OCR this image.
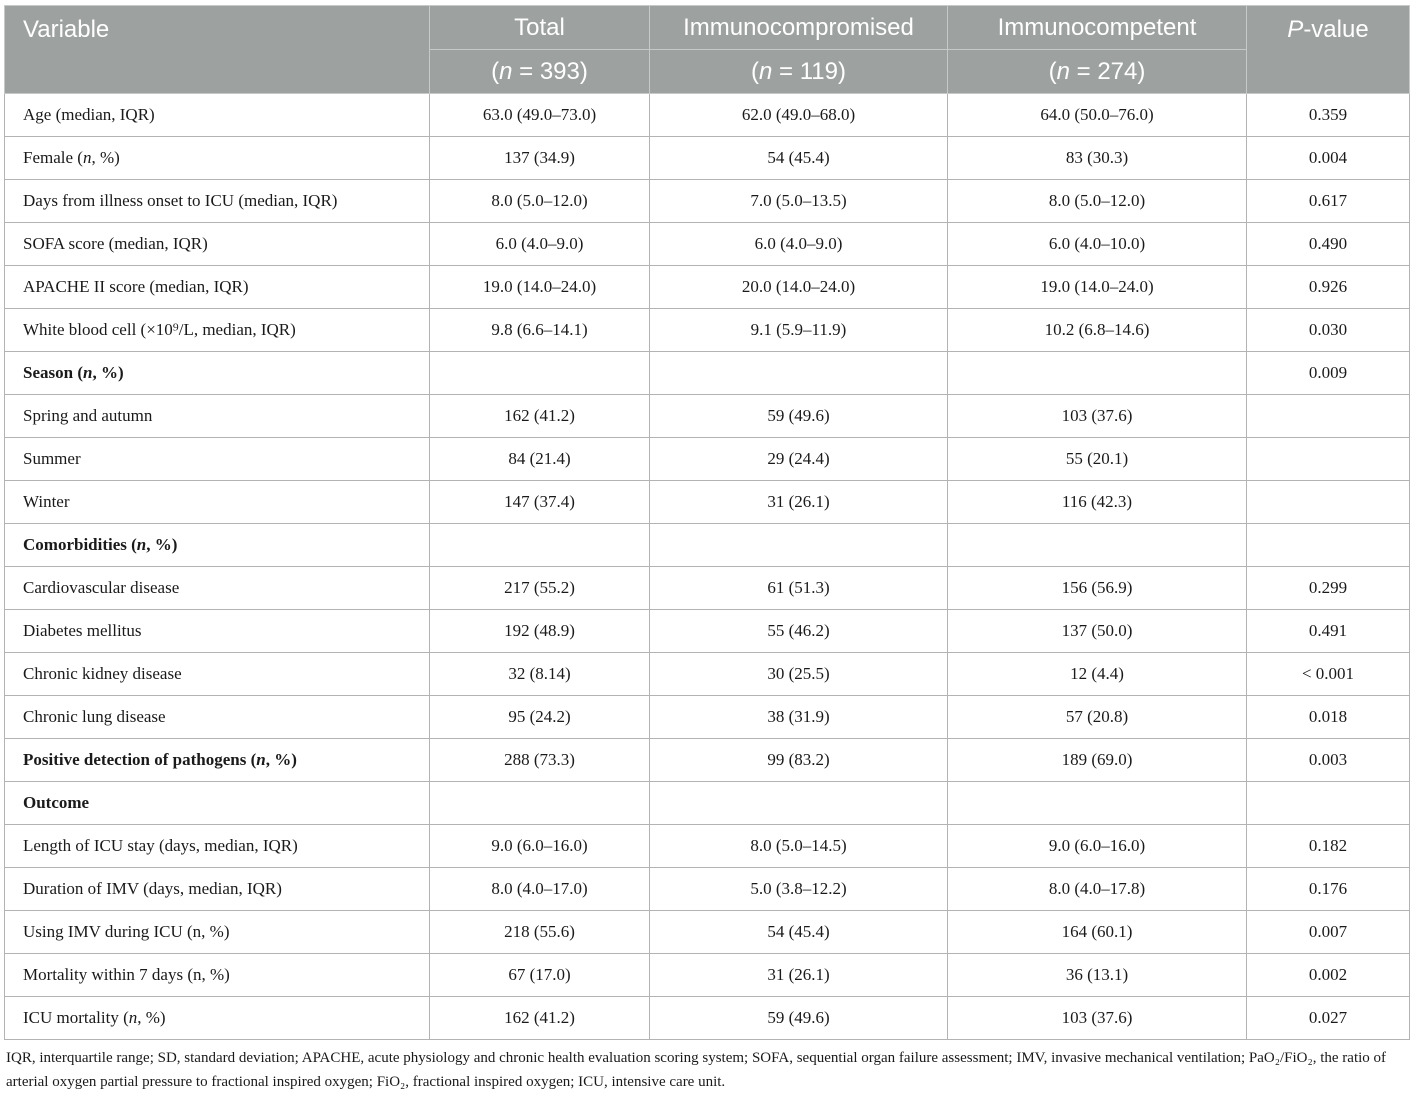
Variable	Total	Immunocompromised	Immunocompetent	P-value
	(n = 393)	(n = 119)	(n = 274)	
Age (median, IQR)	63.0 (49.0–73.0)	62.0 (49.0–68.0)	64.0 (50.0–76.0)	0.359
Female (n, %)	137 (34.9)	54 (45.4)	83 (30.3)	0.004
Days from illness onset to ICU (median, IQR)	8.0 (5.0–12.0)	7.0 (5.0–13.5)	8.0 (5.0–12.0)	0.617
SOFA score (median, IQR)	6.0 (4.0–9.0)	6.0 (4.0–9.0)	6.0 (4.0–10.0)	0.490
APACHE II score (median, IQR)	19.0 (14.0–24.0)	20.0 (14.0–24.0)	19.0 (14.0–24.0)	0.926
White blood cell (×10⁹/L, median, IQR)	9.8 (6.6–14.1)	9.1 (5.9–11.9)	10.2 (6.8–14.6)	0.030
Season (n, %)				0.009
Spring and autumn	162 (41.2)	59 (49.6)	103 (37.6)	
Summer	84 (21.4)	29 (24.4)	55 (20.1)	
Winter	147 (37.4)	31 (26.1)	116 (42.3)	
Comorbidities (n, %)				
Cardiovascular disease	217 (55.2)	61 (51.3)	156 (56.9)	0.299
Diabetes mellitus	192 (48.9)	55 (46.2)	137 (50.0)	0.491
Chronic kidney disease	32 (8.14)	30 (25.5)	12 (4.4)	< 0.001
Chronic lung disease	95 (24.2)	38 (31.9)	57 (20.8)	0.018
Positive detection of pathogens (n, %)	288 (73.3)	99 (83.2)	189 (69.0)	0.003
Outcome				
Length of ICU stay (days, median, IQR)	9.0 (6.0–16.0)	8.0 (5.0–14.5)	9.0 (6.0–16.0)	0.182
Duration of IMV (days, median, IQR)	8.0 (4.0–17.0)	5.0 (3.8–12.2)	8.0 (4.0–17.8)	0.176
Using IMV during ICU (n, %)	218 (55.6)	54 (45.4)	164 (60.1)	0.007
Mortality within 7 days (n, %)	67 (17.0)	31 (26.1)	36 (13.1)	0.002
ICU mortality (n, %)	162 (41.2)	59 (49.6)	103 (37.6)	0.027
IQR, interquartile range; SD, standard deviation; APACHE, acute physiology and chronic health evaluation scoring system; SOFA, sequential organ failure assessment; IMV, invasive mechanical ventilation; PaO₂/FiO₂, the ratio of arterial oxygen partial pressure to fractional inspired oxygen; FiO₂, fractional inspired oxygen; ICU, intensive care unit.
